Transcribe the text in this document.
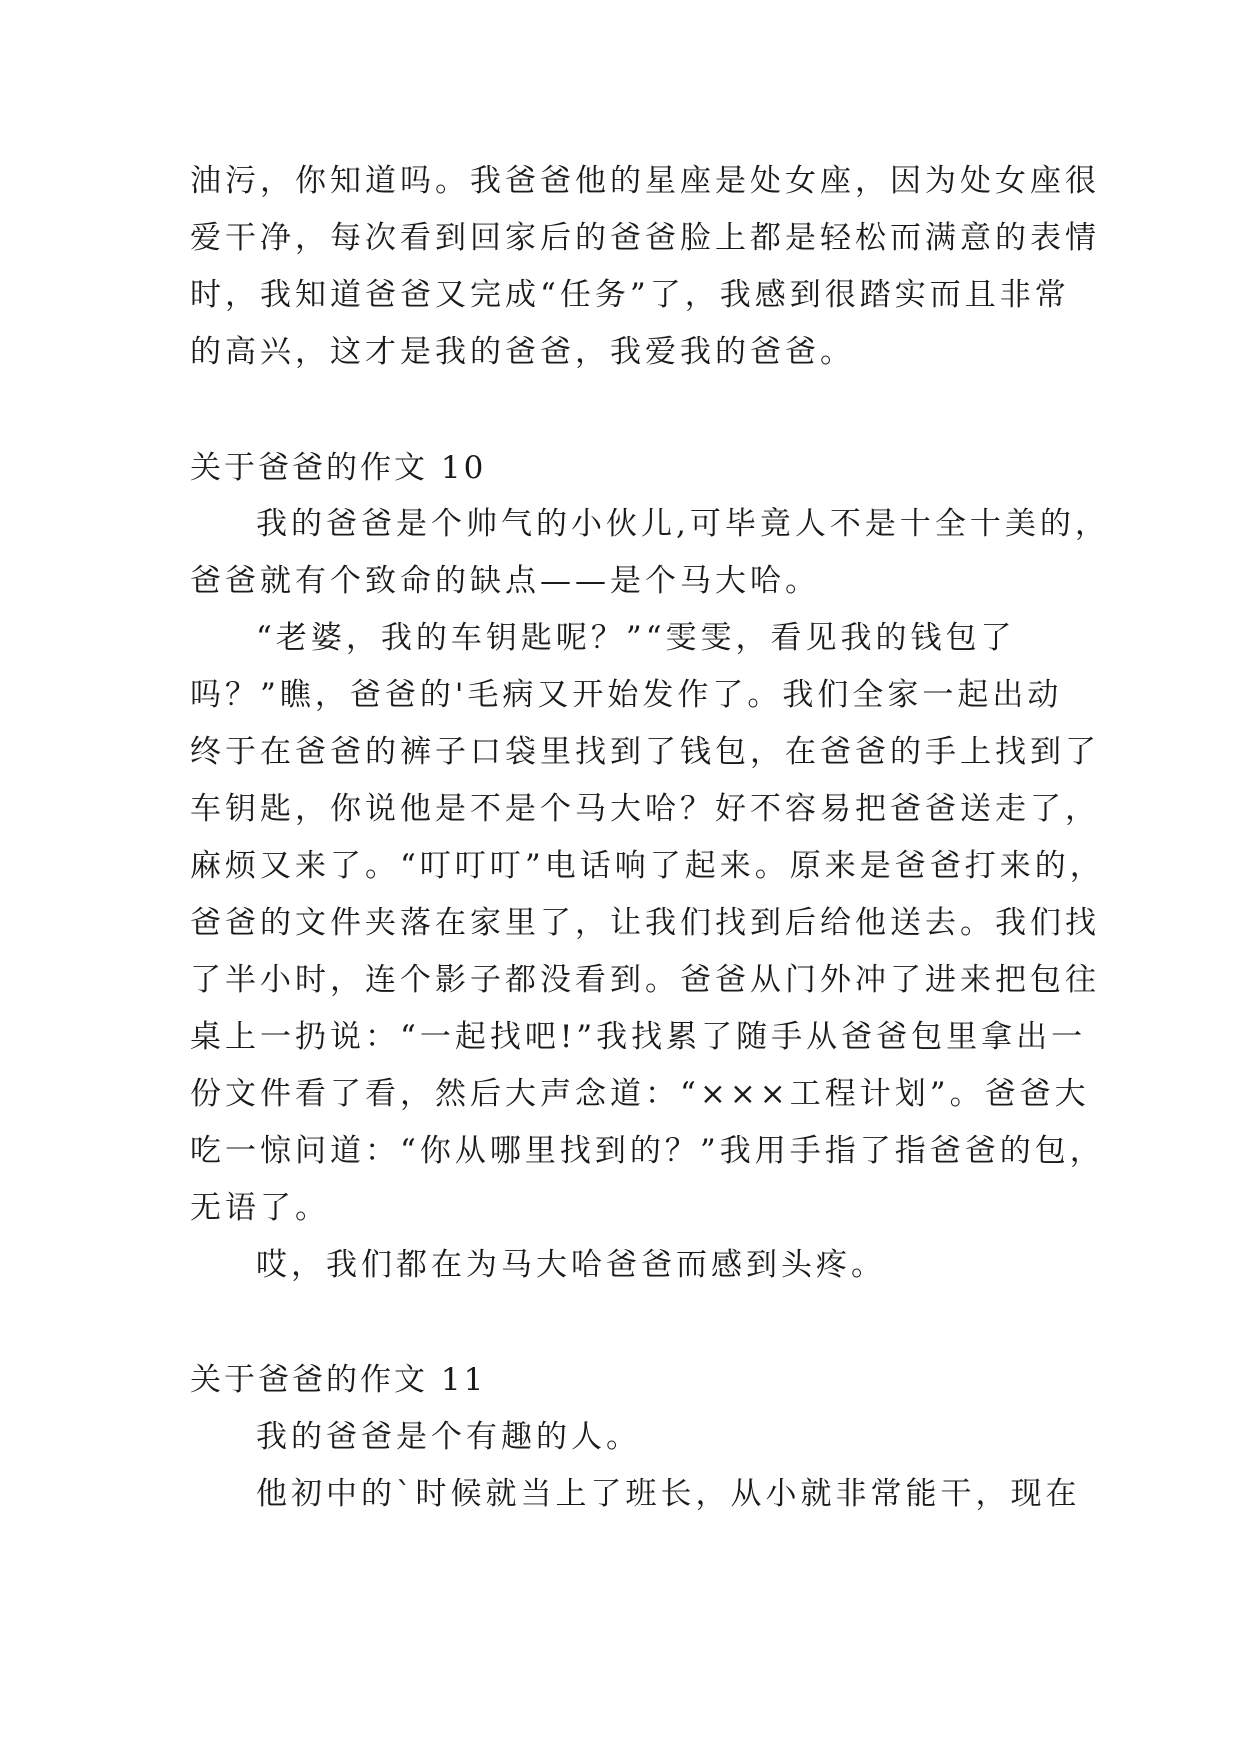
油污，你知道吗。我爸爸他的星座是处女座，因为处女座很
爱干净，每次看到回家后的爸爸脸上都是轻松而满意的表情
时，我知道爸爸又完成“任务”了，我感到很踏实而且非常
的高兴，这才是我的爸爸，我爱我的爸爸。
关于爸爸的作文 10
我的爸爸是个帅气的小伙儿,可毕竟人不是十全十美的，
爸爸就有个致命的缺点——是个马大哈。
“老婆，我的车钥匙呢？”“雯雯，看见我的钱包了
吗？”瞧，爸爸的'毛病又开始发作了。我们全家一起出动
终于在爸爸的裤子口袋里找到了钱包，在爸爸的手上找到了
车钥匙，你说他是不是个马大哈？好不容易把爸爸送走了，
麻烦又来了。“叮叮叮”电话响了起来。原来是爸爸打来的，
爸爸的文件夹落在家里了，让我们找到后给他送去。我们找
了半小时，连个影子都没看到。爸爸从门外冲了进来把包往
桌上一扔说：“一起找吧!”我找累了随手从爸爸包里拿出一
份文件看了看，然后大声念道：“×××工程计划”。爸爸大
吃一惊问道：“你从哪里找到的？”我用手指了指爸爸的包，
无语了。
哎，我们都在为马大哈爸爸而感到头疼。
关于爸爸的作文 11
我的爸爸是个有趣的人。
他初中的`时候就当上了班长，从小就非常能干，现在
